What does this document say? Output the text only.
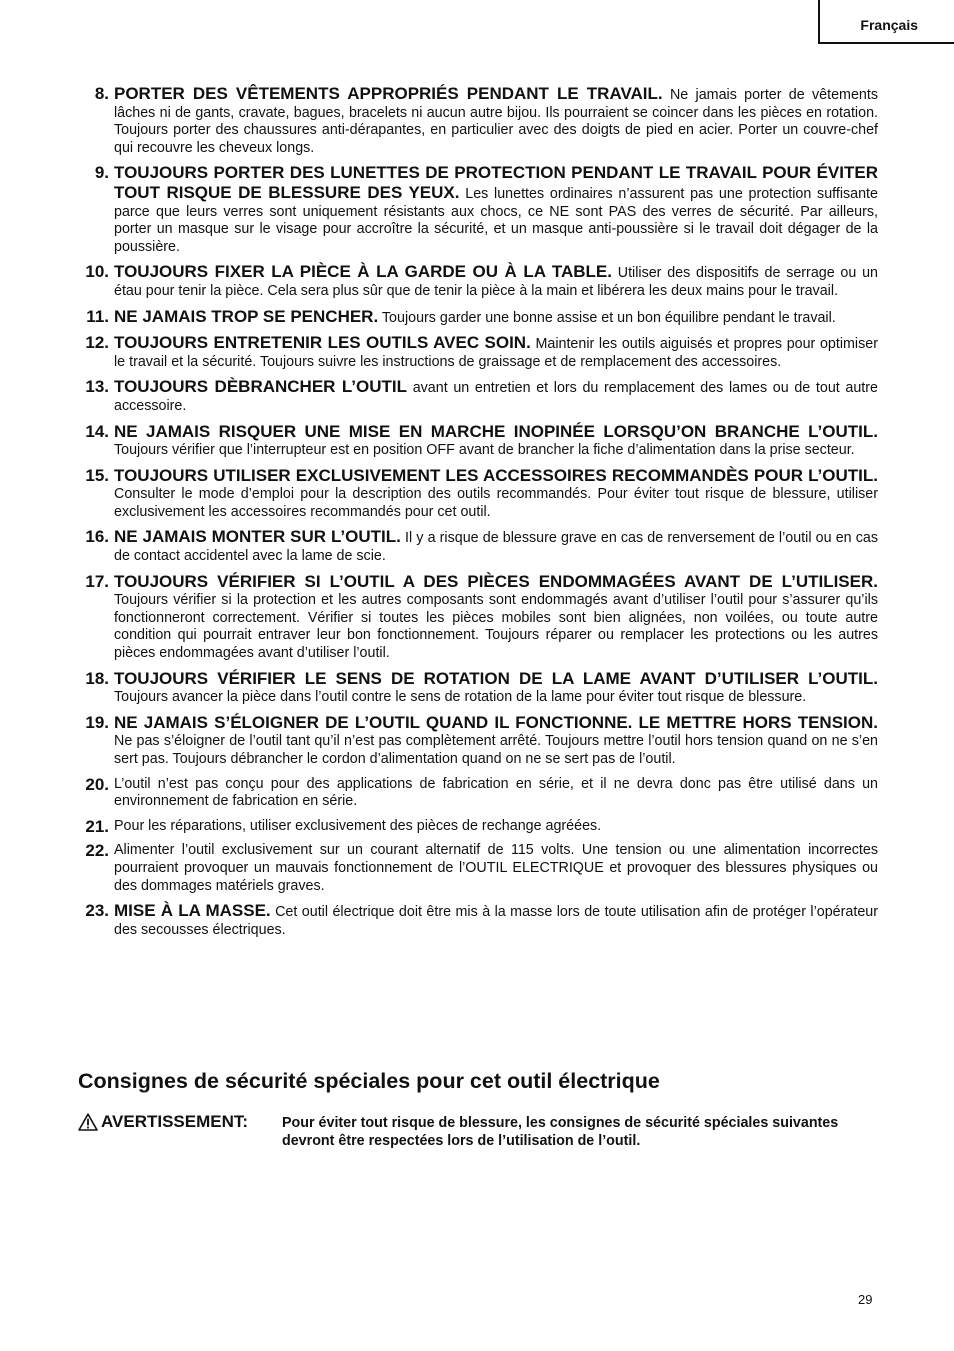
Français
8. PORTER DES VÊTEMENTS APPROPRIÉS PENDANT LE TRAVAIL. Ne jamais porter de vêtements lâches ni de gants, cravate, bagues, bracelets ni aucun autre bijou. Ils pourraient se coincer dans les pièces en rotation. Toujours porter des chaussures anti-dérapantes, en particulier avec des doigts de pied en acier. Porter un couvre-chef qui recouvre les cheveux longs.
9. TOUJOURS PORTER DES LUNETTES DE PROTECTION PENDANT LE TRAVAIL POUR ÉVITER TOUT RISQUE DE BLESSURE DES YEUX. Les lunettes ordinaires n’assurent pas une protection suffisante parce que leurs verres sont uniquement résistants aux chocs, ce NE sont PAS des verres de sécurité. Par ailleurs, porter un masque sur le visage pour accroître la sécurité, et un masque anti-poussière si le travail doit dégager de la poussière.
10. TOUJOURS FIXER LA PIÈCE À LA GARDE OU À LA TABLE. Utiliser des dispositifs de serrage ou un étau pour tenir la pièce. Cela sera plus sûr que de tenir la pièce à la main et libérera les deux mains pour le travail.
11. NE JAMAIS TROP SE PENCHER. Toujours garder une bonne assise et un bon équilibre pendant le travail.
12. TOUJOURS ENTRETENIR LES OUTILS AVEC SOIN. Maintenir les outils aiguisés et propres pour optimiser le travail et la sécurité. Toujours suivre les instructions de graissage et de remplacement des accessoires.
13. TOUJOURS DÈBRANCHER L’OUTIL avant un entretien et lors du remplacement des lames ou de tout autre accessoire.
14. NE JAMAIS RISQUER UNE MISE EN MARCHE INOPINÉE LORSQU’ON BRANCHE L’OUTIL. Toujours vérifier que l’interrupteur est en position OFF avant de brancher la fiche d’alimentation dans la prise secteur.
15. TOUJOURS UTILISER EXCLUSIVEMENT LES ACCESSOIRES RECOMMANDÈS POUR L’OUTIL. Consulter le mode d’emploi pour la description des outils recommandés. Pour éviter tout risque de blessure, utiliser exclusivement les accessoires recommandés pour cet outil.
16. NE JAMAIS MONTER SUR L’OUTIL. Il y a risque de blessure grave en cas de renversement de l’outil ou en cas de contact accidentel avec la lame de scie.
17. TOUJOURS VÉRIFIER SI L’OUTIL A DES PIÈCES ENDOMMAGÉES AVANT DE L’UTILISER. Toujours vérifier si la protection et les autres composants sont endommagés avant d’utiliser l’outil pour s’assurer qu’ils fonctionneront correctement. Vérifier si toutes les pièces mobiles sont bien alignées, non voilées, ou toute autre condition qui pourrait entraver leur bon fonctionnement. Toujours réparer ou remplacer les protections ou les autres pièces endommagées avant d’utiliser l’outil.
18. TOUJOURS VÉRIFIER LE SENS DE ROTATION DE LA LAME AVANT D’UTILISER L’OUTIL. Toujours avancer la pièce dans l’outil contre le sens de rotation de la lame pour éviter tout risque de blessure.
19. NE JAMAIS S’ÉLOIGNER DE L’OUTIL QUAND IL FONCTIONNE. LE METTRE HORS TENSION. Ne pas s’éloigner de l’outil tant qu’il n’est pas complètement arrêté. Toujours mettre l’outil hors tension quand on ne s’en sert pas. Toujours débrancher le cordon d’alimentation quand on ne se sert pas de l’outil.
20. L’outil n’est pas conçu pour des applications de fabrication en série, et il ne devra donc pas être utilisé dans un environnement de fabrication en série.
21. Pour les réparations, utiliser exclusivement des pièces de rechange agréées.
22. Alimenter l’outil exclusivement sur un courant alternatif de 115 volts. Une tension ou une alimentation incorrectes pourraient provoquer un mauvais fonctionnement de l’OUTIL ELECTRIQUE et provoquer des blessures physiques ou des dommages matériels graves.
23. MISE À LA MASSE. Cet outil électrique doit être mis à la masse lors de toute utilisation afin de protéger l’opérateur des secousses électriques.
Consignes de sécurité spéciales pour cet outil électrique
AVERTISSEMENT: Pour éviter tout risque de blessure, les consignes de sécurité spéciales suivantes devront être respectées lors de l’utilisation de l’outil.
29
